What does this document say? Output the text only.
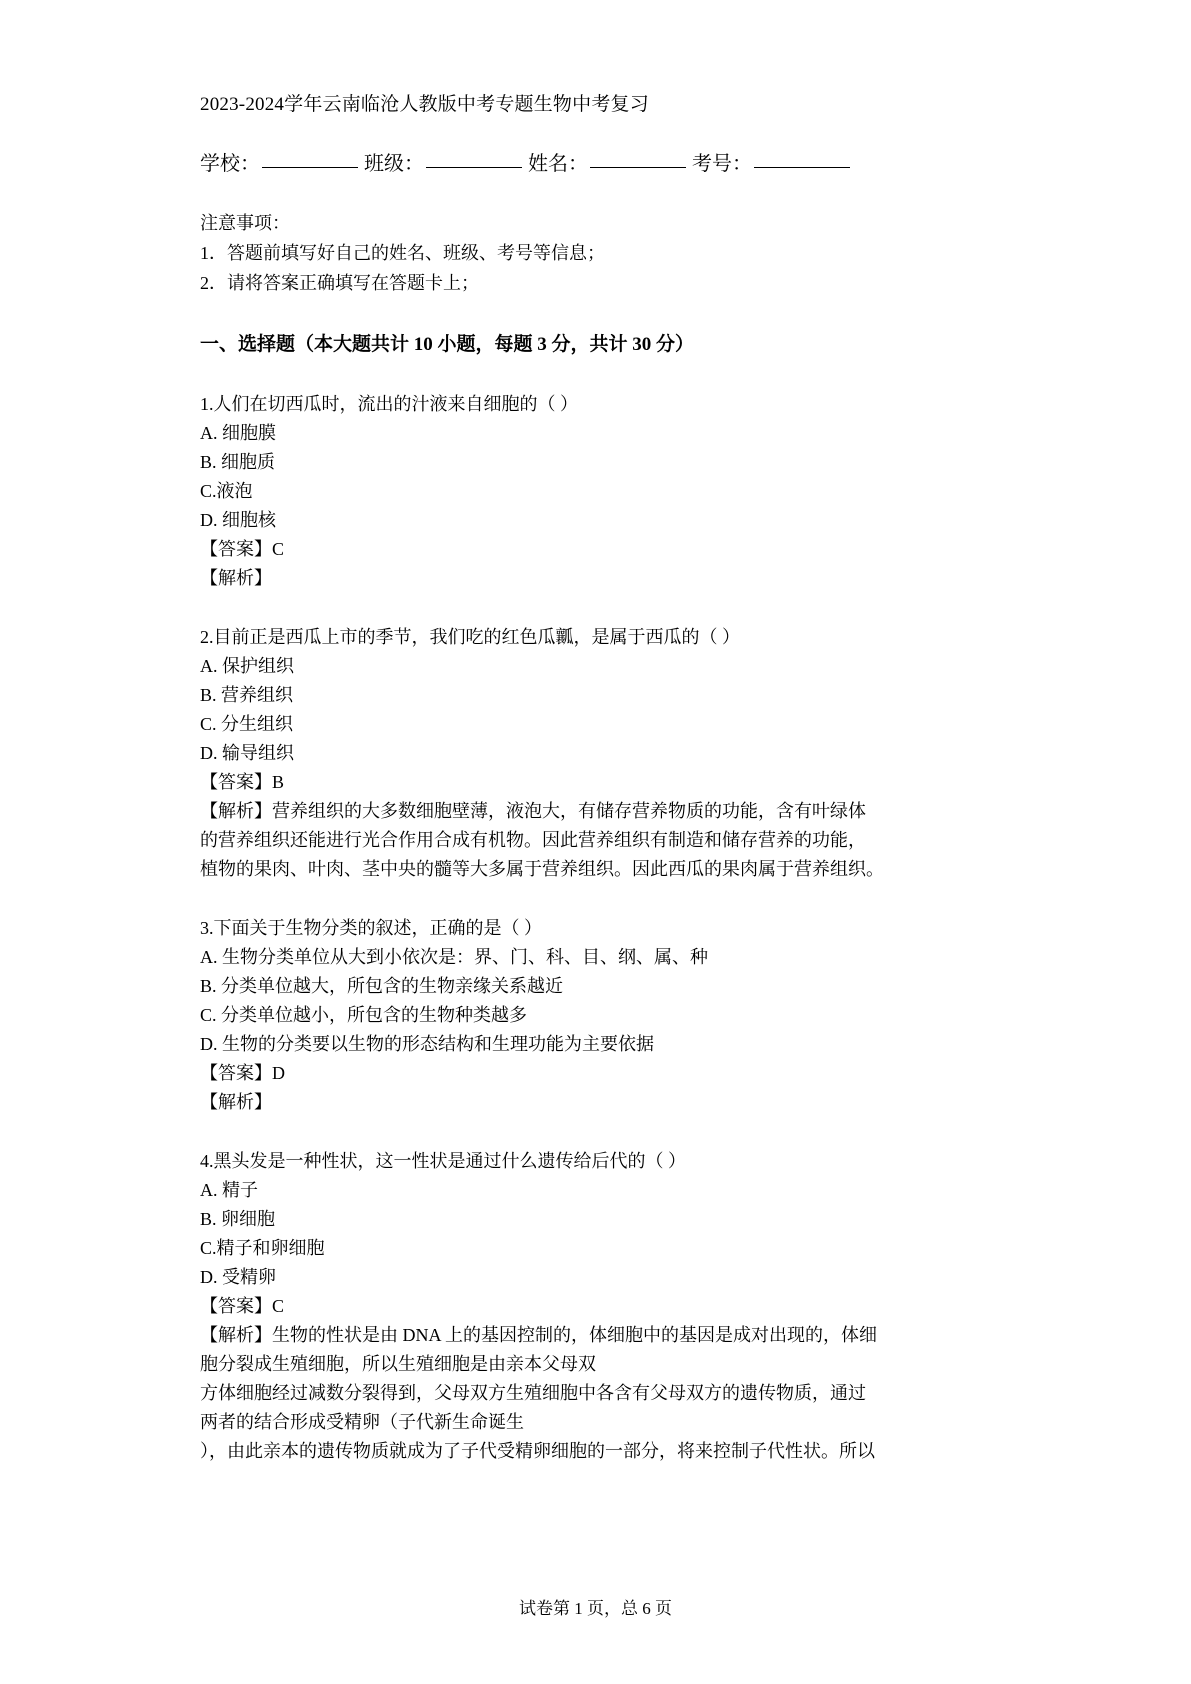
2023-2024学年云南临沧人教版中考专题生物中考复习
学校：	班级：	姓名：	考号：
注意事项：
1．答题前填写好自己的姓名、班级、考号等信息；
2．请将答案正确填写在答题卡上；
一、选择题（本大题共计 10 小题，每题 3 分，共计 30 分）
1.人们在切西瓜时，流出的汁液来自细胞的（ ）
A. 细胞膜
B. 细胞质
C.液泡
D. 细胞核
【答案】C
【解析】
2.目前正是西瓜上市的季节，我们吃的红色瓜瓤，是属于西瓜的（ ）
A. 保护组织
B. 营养组织
C. 分生组织
D. 输导组织
【答案】B
【解析】营养组织的大多数细胞壁薄，液泡大，有储存营养物质的功能，含有叶绿体
的营养组织还能进行光合作用合成有机物。因此营养组织有制造和储存营养的功能，
植物的果肉、叶肉、茎中央的髓等大多属于营养组织。因此西瓜的果肉属于营养组织。
3.下面关于生物分类的叙述，正确的是（ ）
A. 生物分类单位从大到小依次是：界、门、科、目、纲、属、种
B. 分类单位越大，所包含的生物亲缘关系越近
C. 分类单位越小，所包含的生物种类越多
D. 生物的分类要以生物的形态结构和生理功能为主要依据
【答案】D
【解析】
4.黑头发是一种性状，这一性状是通过什么遗传给后代的（ ）
A. 精子
B. 卵细胞
C.精子和卵细胞
D. 受精卵
【答案】C
【解析】生物的性状是由 DNA 上的基因控制的，体细胞中的基因是成对出现的，体细
胞分裂成生殖细胞，所以生殖细胞是由亲本父母双
方体细胞经过减数分裂得到，父母双方生殖细胞中各含有父母双方的遗传物质，通过
两者的结合形成受精卵（子代新生命诞生
），由此亲本的遗传物质就成为了子代受精卵细胞的一部分，将来控制子代性状。所以
试卷第 1 页，总 6 页
